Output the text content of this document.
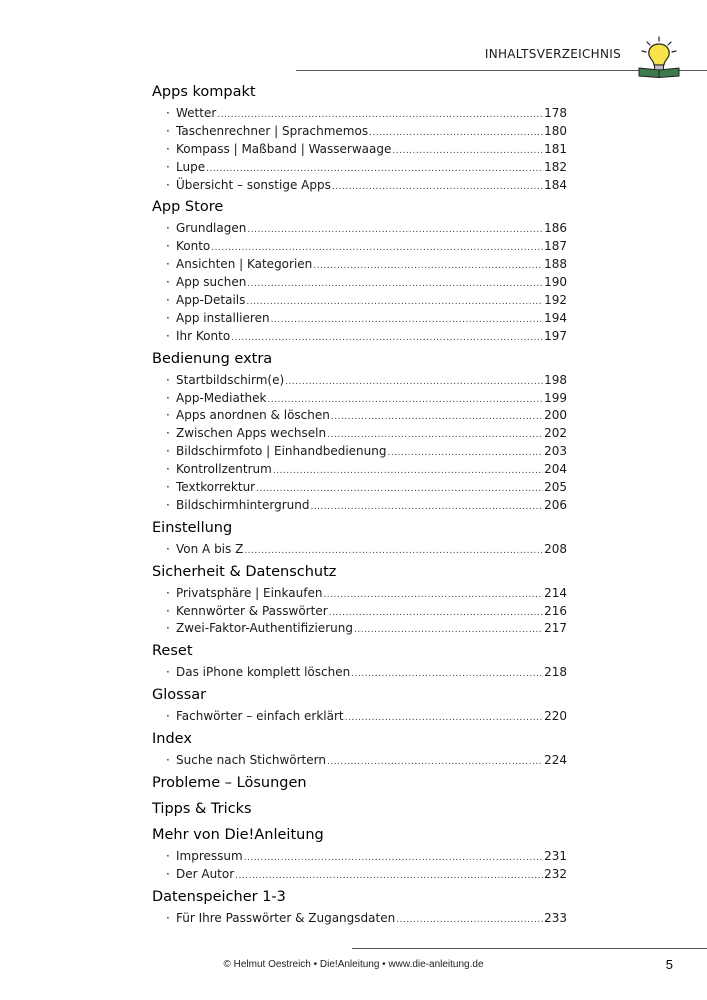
INHALTSVERZEICHNIS
Apps kompakt
· Wetter .....	178
· Taschenrechner | Sprachmemos .....	180
· Kompass | Maßband | Wasserwaage .....	181
· Lupe .....	182
· Übersicht – sonstige Apps .....	184
App Store
· Grundlagen .....	186
· Konto .....	187
· Ansichten | Kategorien .....	188
· App suchen .....	190
· App-Details .....	192
· App installieren .....	194
· Ihr Konto .....	197
Bedienung extra
· Startbildschirm(e) .....	198
· App-Mediathek .....	199
· Apps anordnen & löschen .....	200
· Zwischen Apps wechseln .....	202
· Bildschirmfoto | Einhandbedienung .....	203
· Kontrollzentrum .....	204
· Textkorrektur .....	205
· Bildschirmhintergrund .....	206
Einstellung
· Von A bis Z .....	208
Sicherheit & Datenschutz
· Privatsphäre | Einkaufen .....	214
· Kennwörter & Passwörter .....	216
· Zwei-Faktor-Authentifizierung .....	217
Reset
· Das iPhone komplett löschen .....	218
Glossar
· Fachwörter – einfach erklärt .....	220
Index
· Suche nach Stichwörtern .....	224
Probleme – Lösungen
Tipps & Tricks
Mehr von Die!Anleitung
· Impressum .....	231
· Der Autor .....	232
Datenspeicher 1-3
· Für Ihre Passwörter & Zugangsdaten .....	233
© Helmut Oestreich • Die!Anleitung • www.die-anleitung.de	5
